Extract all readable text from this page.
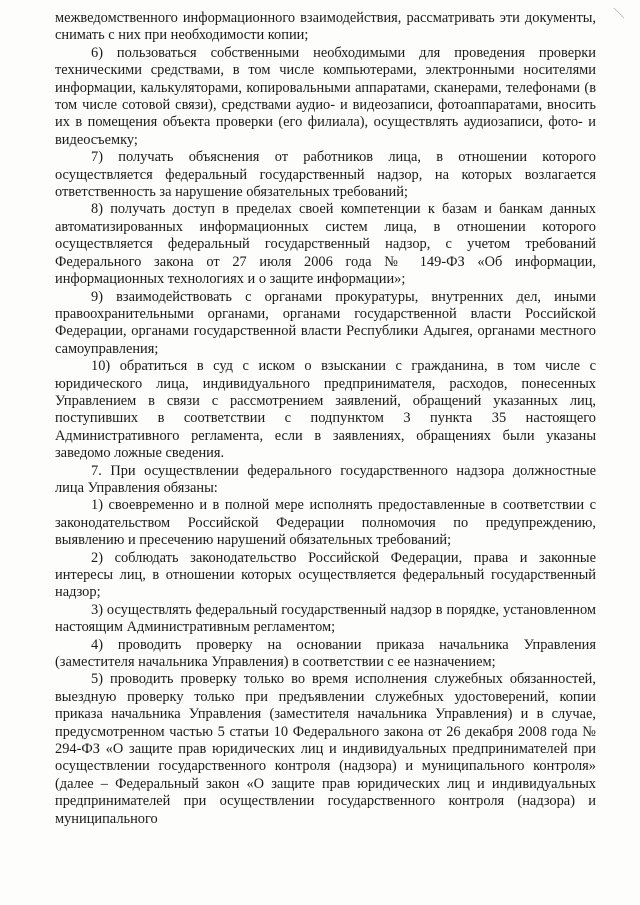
межведомственного информационного взаимодействия, рассматривать эти документы, снимать с них при необходимости копии;

6) пользоваться собственными необходимыми для проведения проверки техническими средствами, в том числе компьютерами, электронными носителями информации, калькуляторами, копировальными аппаратами, сканерами, телефонами (в том числе сотовой связи), средствами аудио- и видеозаписи, фотоаппаратами, вносить их в помещения объекта проверки (его филиала), осуществлять аудиозаписи, фото- и видеосъемку;

7) получать объяснения от работников лица, в отношении которого осуществляется федеральный государственный надзор, на которых возлагается ответственность за нарушение обязательных требований;

8) получать доступ в пределах своей компетенции к базам и банкам данных автоматизированных информационных систем лица, в отношении которого осуществляется федеральный государственный надзор, с учетом требований Федерального закона от 27 июля 2006 года № 149-ФЗ «Об информации, информационных технологиях и о защите информации»;

9) взаимодействовать с органами прокуратуры, внутренних дел, иными правоохранительными органами, органами государственной власти Российской Федерации, органами государственной власти Республики Адыгея, органами местного самоуправления;

10) обратиться в суд с иском о взыскании с гражданина, в том числе с юридического лица, индивидуального предпринимателя, расходов, понесенных Управлением в связи с рассмотрением заявлений, обращений указанных лиц, поступивших в соответствии с подпунктом 3 пункта 35 настоящего Административного регламента, если в заявлениях, обращениях были указаны заведомо ложные сведения.

7. При осуществлении федерального государственного надзора должностные лица Управления обязаны:

1) своевременно и в полной мере исполнять предоставленные в соответствии с законодательством Российской Федерации полномочия по предупреждению, выявлению и пресечению нарушений обязательных требований;

2) соблюдать законодательство Российской Федерации, права и законные интересы лиц, в отношении которых осуществляется федеральный государственный надзор;

3) осуществлять федеральный государственный надзор в порядке, установленном настоящим Административным регламентом;

4) проводить проверку на основании приказа начальника Управления (заместителя начальника Управления) в соответствии с ее назначением;

5) проводить проверку только во время исполнения служебных обязанностей, выездную проверку только при предъявлении служебных удостоверений, копии приказа начальника Управления (заместителя начальника Управления) и в случае, предусмотренном частью 5 статьи 10 Федерального закона от 26 декабря 2008 года № 294-ФЗ «О защите прав юридических лиц и индивидуальных предпринимателей при осуществлении государственного контроля (надзора) и муниципального контроля» (далее – Федеральный закон «О защите прав юридических лиц и индивидуальных предпринимателей при осуществлении государственного контроля (надзора) и муниципального
